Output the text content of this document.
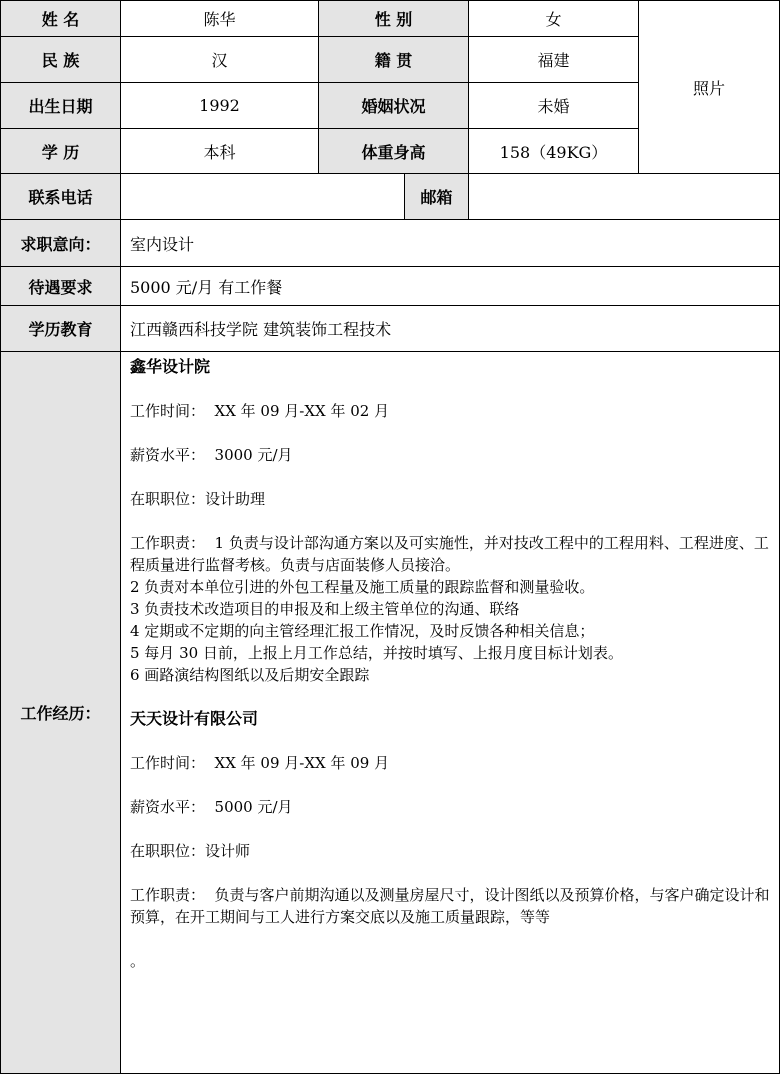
姓 名	陈华	性 别	女
照片
民 族	汉	籍 贯	福建
出生日期	1992	婚姻状况	未婚
学 历	本科	体重身高	158（49KG）
联系电话	邮箱
求职意向：	室内设计
待遇要求	5000 元/月 有工作餐
学历教育	江西赣西科技学院 建筑装饰工程技术
工作经历：

鑫华设计院

工作时间：  XX 年 09 月-XX 年 02 月

薪资水平：  3000 元/月

在职职位：设计助理

工作职责：  1 负责与设计部沟通方案以及可实施性，并对技改工程中的工程用料、工程进度、工程质量进行监督考核。负责与店面装修人员接洽。

2 负责对本单位引进的外包工程量及施工质量的跟踪监督和测量验收。

3 负责技术改造项目的申报及和上级主管单位的沟通、联络

4 定期或不定期的向主管经理汇报工作情况，及时反馈各种相关信息；

5 每月 30 日前，上报上月工作总结，并按时填写、上报月度目标计划表。

6 画路演结构图纸以及后期安全跟踪

天天设计有限公司

工作时间：  XX 年 09 月-XX 年 09 月

薪资水平：  5000 元/月

在职职位：设计师

工作职责：  负责与客户前期沟通以及测量房屋尺寸，设计图纸以及预算价格，与客户确定设计和预算，在开工期间与工人进行方案交底以及施工质量跟踪，等等

。
